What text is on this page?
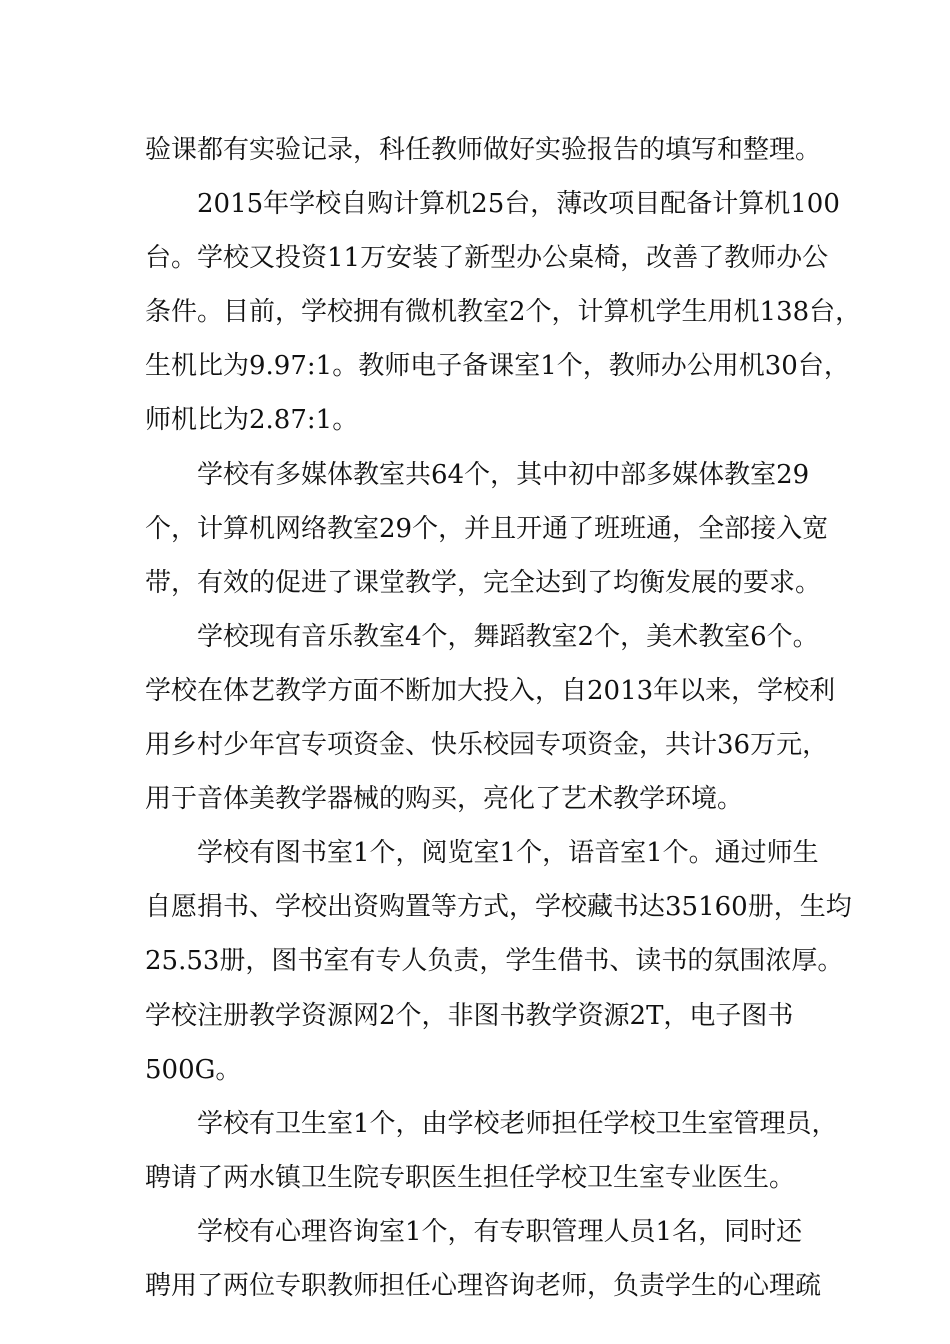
验课都有实验记录，科任教师做好实验报告的填写和整理。
2015年学校自购计算机25台，薄改项目配备计算机100
台。学校又投资11万安装了新型办公桌椅，改善了教师办公
条件。目前，学校拥有微机教室2个，计算机学生用机138台，
生机比为9.97:1。教师电子备课室1个，教师办公用机30台，
师机比为2.87:1。
学校有多媒体教室共64个，其中初中部多媒体教室29
个，计算机网络教室29个，并且开通了班班通，全部接入宽
带，有效的促进了课堂教学，完全达到了均衡发展的要求。
学校现有音乐教室4个，舞蹈教室2个，美术教室6个。
学校在体艺教学方面不断加大投入，自2013年以来，学校利
用乡村少年宫专项资金、快乐校园专项资金，共计36万元，
用于音体美教学器械的购买，亮化了艺术教学环境。
学校有图书室1个，阅览室1个，语音室1个。通过师生
自愿捐书、学校出资购置等方式，学校藏书达35160册，生均
25.53册，图书室有专人负责，学生借书、读书的氛围浓厚。
学校注册教学资源网2个，非图书教学资源2T，电子图书
500G。
学校有卫生室1个，由学校老师担任学校卫生室管理员，
聘请了两水镇卫生院专职医生担任学校卫生室专业医生。
学校有心理咨询室1个，有专职管理人员1名，同时还
聘用了两位专职教师担任心理咨询老师，负责学生的心理疏
